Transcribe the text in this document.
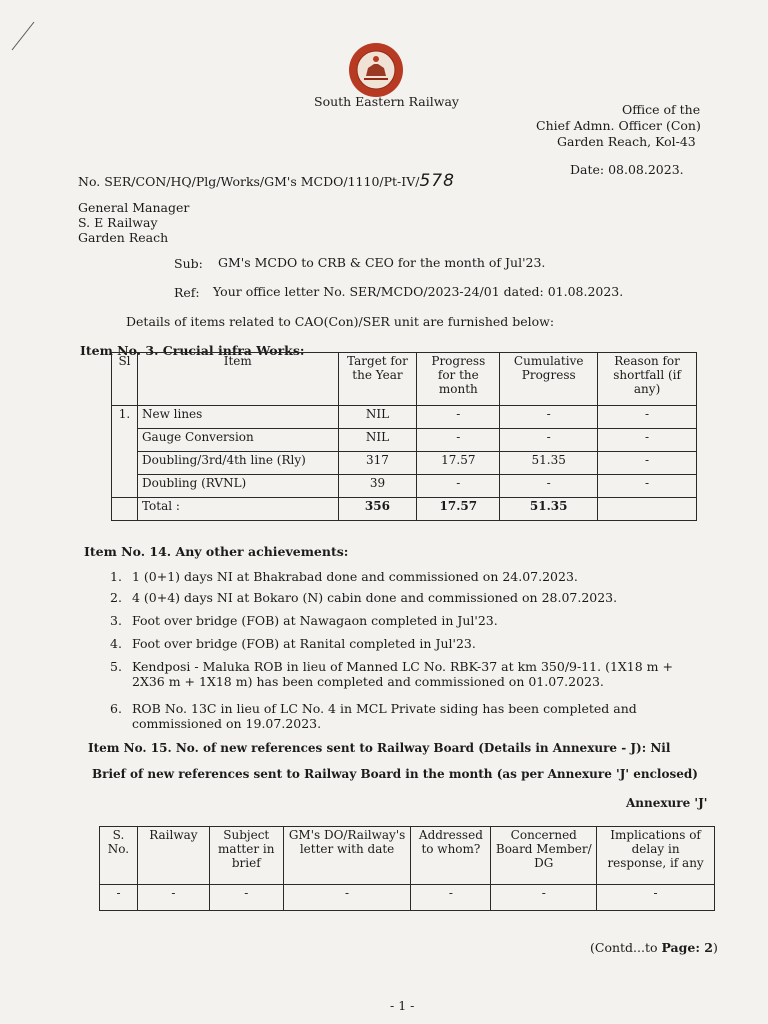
South Eastern Railway
Office of the
Chief Admn. Officer (Con)
Garden Reach, Kol-43
Date: 08.08.2023.
No. SER/CON/HQ/Plg/Works/GM's MCDO/1110/Pt-IV/578
General Manager
S. E Railway
Garden Reach
Sub: GM's MCDO to CRB & CEO for the month of Jul'23.
Ref: Your office letter No. SER/MCDO/2023-24/01 dated: 01.08.2023.
Details of items related to CAO(Con)/SER unit are furnished below:
Item No. 3. Crucial infra Works:
Sl	Item	Target for the Year	Progress for the month	Cumulative Progress	Reason for shortfall (if any)
1.	New lines	NIL	-	-	-
	Gauge Conversion	NIL	-	-	-
	Doubling/3rd/4th line (Rly)	317	17.57	51.35	-
	Doubling (RVNL)	39	-	-	-
	Total :	356	17.57	51.35	
Item No. 14. Any other achievements:
1. 1 (0+1) days NI at Bhakrabad done and commissioned on 24.07.2023.
2. 4 (0+4) days NI at Bokaro (N) cabin done and commissioned on 28.07.2023.
3. Foot over bridge (FOB) at Nawagaon completed in Jul'23.
4. Foot over bridge (FOB) at Ranital completed in Jul'23.
5. Kendposi - Maluka ROB in lieu of Manned LC No. RBK-37 at km 350/9-11. (1X18 m +
2X36 m + 1X18 m) has been completed and commissioned on 01.07.2023.
6. ROB No. 13C in lieu of LC No. 4 in MCL Private siding has been completed and
commissioned on 19.07.2023.
Item No. 15. No. of new references sent to Railway Board (Details in Annexure - J): Nil
Brief of new references sent to Railway Board in the month (as per Annexure 'J' enclosed)
Annexure 'J'
S. No.	Railway	Subject matter in brief	GM's DO/Railway's letter with date	Addressed to whom?	Concerned Board Member/ DG	Implications of delay in response, if any
-	-	-	-	-	-	-
(Contd...to Page: 2)
- 1 -
